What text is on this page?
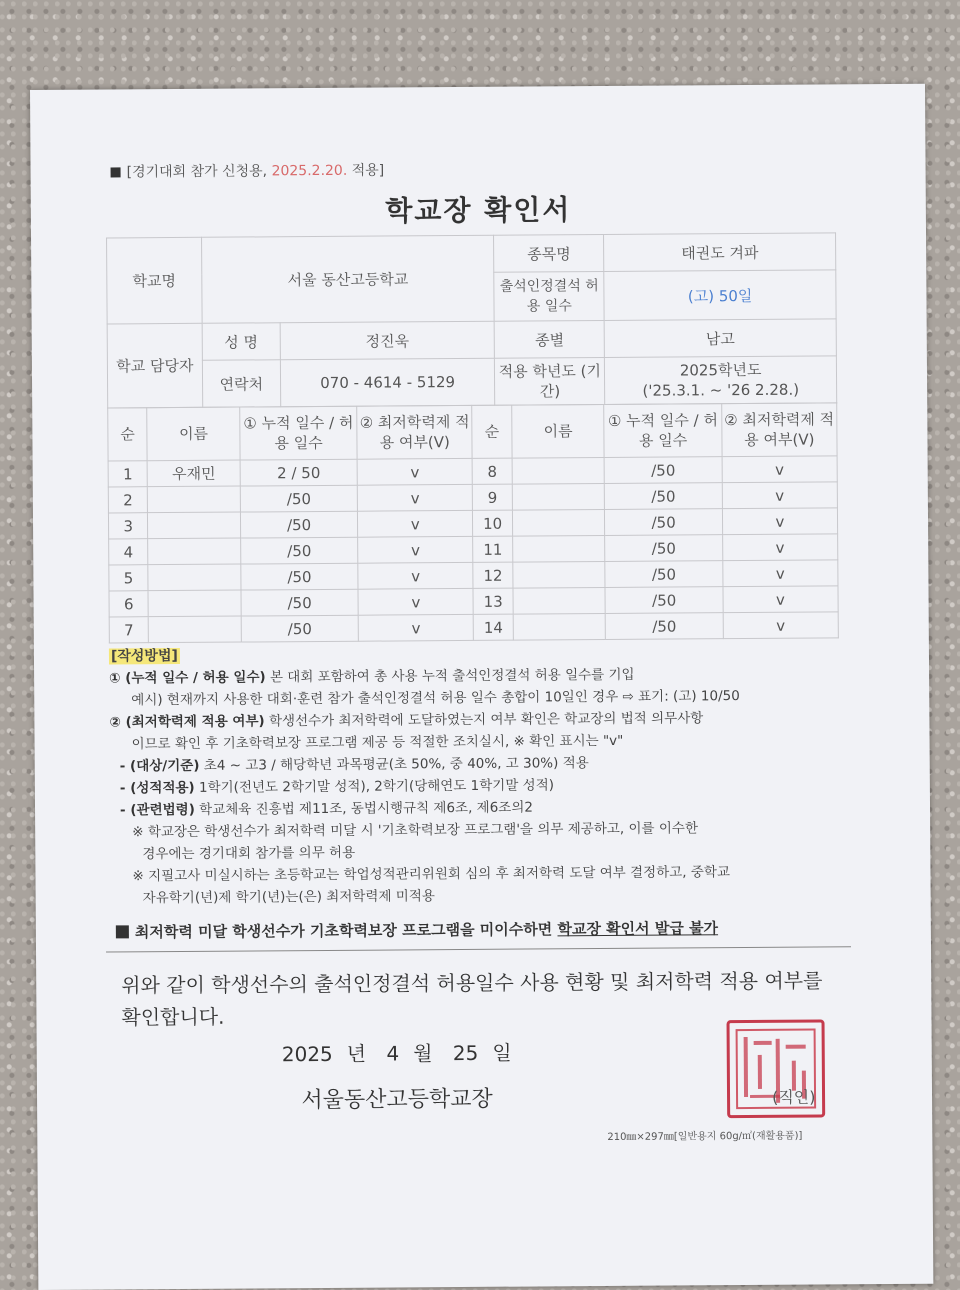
[경기대회 참가 신청용, 2025.2.20. 적용]
학교장 확인서
학교명	서울 동산고등학교		종목명	태권도 겨파
			출석인정결석 허용 일수	(고) 50일
학교 담당자	성 명	정진욱	종별	남고
	연락처	070 - 4614 - 5129	적용 학년도 (기간)	2025학년도
('25.3.1. ~ '26 2.28.)
순	이름	① 누적 일수 / 허용 일수	② 최저학력제 적용 여부(V)	순	이름	① 누적 일수 / 허용 일수	② 최저학력제 적용 여부(V)
1	우재민	2 / 50	v	8		/50	v
2		/50	v	9		/50	v
3		/50	v	10		/50	v
4		/50	v	11		/50	v
5		/50	v	12		/50	v
6		/50	v	13		/50	v
7		/50	v	14		/50	v
[작성방법]
① (누적 일수 / 허용 일수) 본 대회 포함하여 총 사용 누적 출석인정결석 허용 일수를 기입
예시) 현재까지 사용한 대회·훈련 참가 출석인정결석 허용 일수 총합이 10일인 경우 ⇨ 표기: (고) 10/50
② (최저학력제 적용 여부) 학생선수가 최저학력에 도달하였는지 여부 확인은 학교장의 법적 의무사항
이므로 확인 후 기초학력보장 프로그램 제공 등 적절한 조치실시, ※ 확인 표시는 "v"
- (대상/기준) 초4 ~ 고3 / 해당학년 과목평균(초 50%, 중 40%, 고 30%) 적용
- (성적적용) 1학기(전년도 2학기말 성적), 2학기(당해연도 1학기말 성적)
- (관련법령) 학교체육 진흥법 제11조, 동법시행규칙 제6조, 제6조의2
※ 학교장은 학생선수가 최저학력 미달 시 '기초학력보장 프로그램'을 의무 제공하고, 이를 이수한
경우에는 경기대회 참가를 의무 허용
※ 지필고사 미실시하는 초등학교는 학업성적관리위원회 심의 후 최저학력 도달 여부 결정하고, 중학교
자유학기(년)제 학기(년)는(은) 최저학력제 미적용
최저학력 미달 학생선수가 기초학력보장 프로그램을 미이수하면 학교장 확인서 발급 불가
위와 같이 학생선수의 출석인정결석 허용일수 사용 현황 및 최저학력 적용 여부를 확인합니다.
2025 년 4 월 25 일
서울동산고등학교장	(직인)
210㎜×297㎜[일반용지 60g/㎡(재활용품)]
